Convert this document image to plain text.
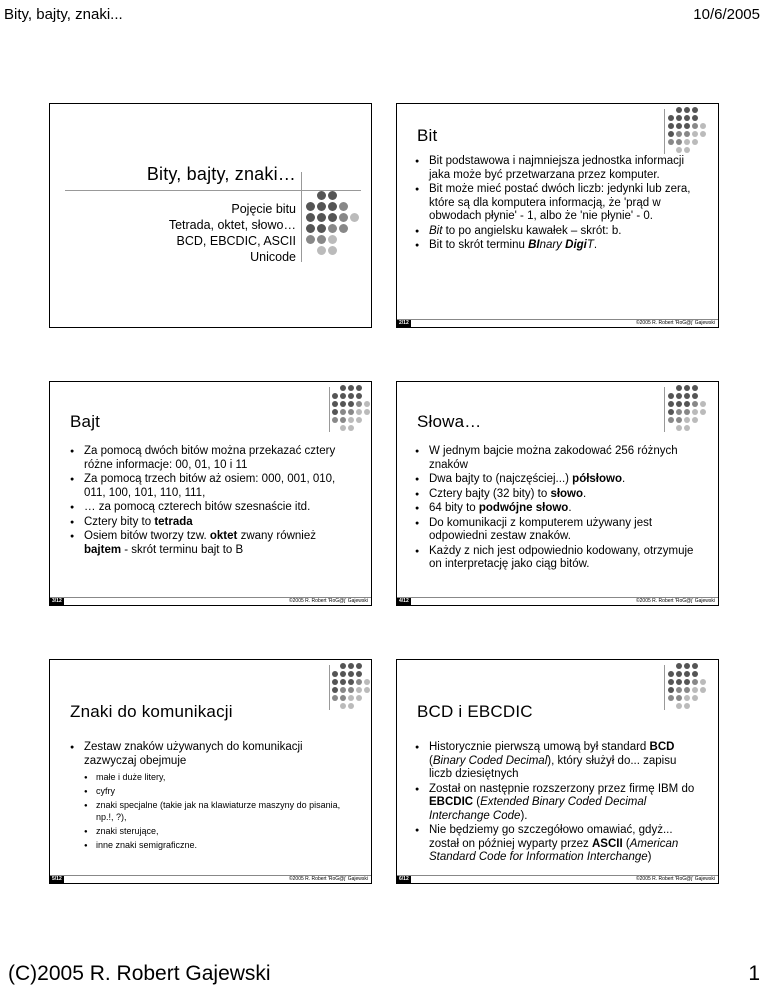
Bity, bajty, znaki...	10/6/2005
Bity, bajty, znaki…
Pojęcie bitu
Tetrada, oktet, słowo…
BCD, EBCDIC, ASCII
Unicode
Bit
● Bit podstawowa i najmniejsza jednostka informacji jaka może być przetwarzana przez komputer.
● Bit może mieć postać dwóch liczb: jedynki lub zera, które są dla komputera informacją, że 'prąd w obwodach płynie' - 1, albo że 'nie płynie' - 0.
● Bit to po angielsku kawałek – skrót: b.
● Bit to skrót terminu BInary DigiT.
2/12	©2005 R. Robert 'RoG@j' Gajewski
Bajt
● Za pomocą dwóch bitów można przekazać cztery różne informacje: 00, 01, 10 i 11
● Za pomocą trzech bitów aż osiem: 000, 001, 010, 011, 100, 101, 110, 111,
● … za pomocą czterech bitów szesnaście itd.
● Cztery bity to tetrada
● Osiem bitów tworzy tzw. oktet zwany również bajtem - skrót terminu bajt to B
3/12	©2005 R. Robert 'RoG@j' Gajewski
Słowa…
● W jednym bajcie można zakodować 256 różnych znaków
● Dwa bajty to (najczęściej...) półsłowo.
● Cztery bajty (32 bity) to słowo.
● 64 bity to podwójne słowo.
● Do komunikacji z komputerem używany jest odpowiedni zestaw znaków.
● Każdy z nich jest odpowiednio kodowany, otrzymuje on interpretację jako ciąg bitów.
4/12	©2005 R. Robert 'RoG@j' Gajewski
Znaki do komunikacji
● Zestaw znaków używanych do komunikacji zazwyczaj obejmuje
● małe i duże litery,
● cyfry
● znaki specjalne (takie jak na klawiaturze maszyny do pisania, np.!, ?),
● znaki sterujące,
● inne znaki semigraficzne.
5/12	©2005 R. Robert 'RoG@j' Gajewski
BCD i EBCDIC
● Historycznie pierwszą umową był standard BCD (Binary Coded Decimal), który służył do... zapisu liczb dziesiętnych
● Został on następnie rozszerzony przez firmę IBM do EBCDIC (Extended Binary Coded Decimal Interchange Code).
● Nie będziemy go szczegółowo omawiać, gdyż... został on później wyparty przez ASCII (American Standard Code for Information Interchange)
6/12	©2005 R. Robert 'RoG@j' Gajewski
(C)2005 R. Robert Gajewski	1
